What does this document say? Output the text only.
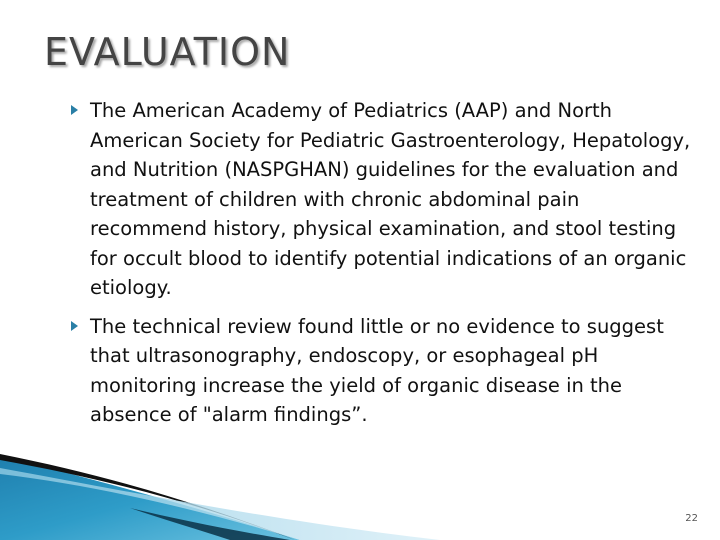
EVALUATION
The American Academy of Pediatrics (AAP) and North American Society for Pediatric Gastroenterology, Hepatology, and Nutrition (NASPGHAN) guidelines for the evaluation and treatment of children with chronic abdominal pain recommend history, physical examination, and stool testing for occult blood to identify potential indications of an organic etiology.
The technical review found little or no evidence to suggest that ultrasonography, endoscopy, or esophageal pH monitoring increase the yield of organic disease in the absence of "alarm findings”.
22
